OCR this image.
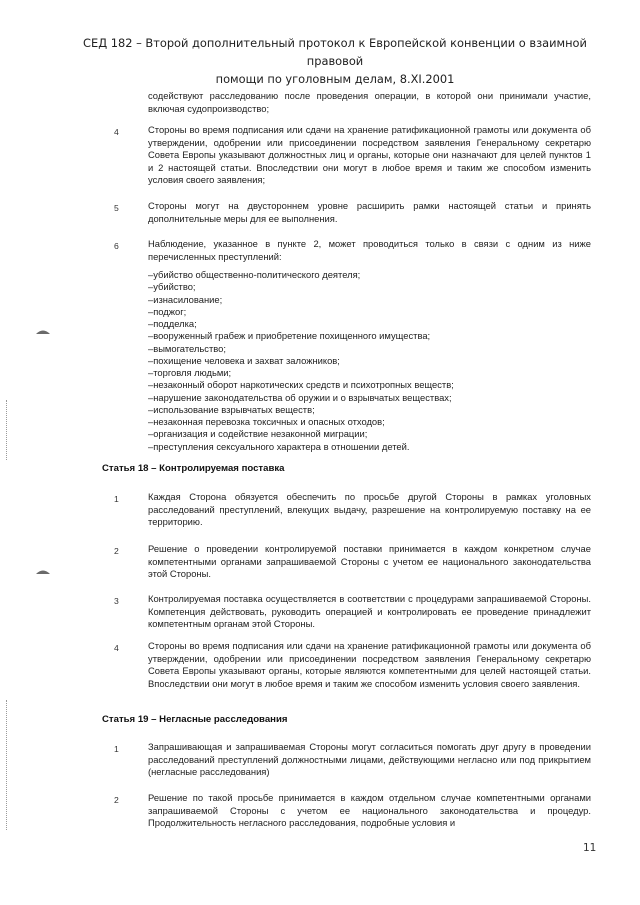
СЕД 182 – Второй дополнительный протокол к Европейской конвенции о взаимной правовой
помощи по уголовным делам, 8.XI.2001
содействуют расследованию после проведения операции, в которой они принимали участие, включая судопроизводство;
4	Стороны во время подписания или сдачи на хранение ратификационной грамоты или документа об утверждении, одобрении или присоединении посредством заявления Генеральному секретарю Совета Европы указывают должностных лиц и органы, которые они назначают для целей пунктов 1 и 2 настоящей статьи. Впоследствии они могут в любое время и таким же способом изменить условия своего заявления;
5	Стороны могут на двустороннем уровне расширить рамки настоящей статьи и принять дополнительные меры для ее выполнения.
6	Наблюдение, указанное в пункте 2, может проводиться только в связи с одним из ниже перечисленных преступлений:
–убийство общественно-политического деятеля;
–убийство;
–изнасилование;
–поджог;
–подделка;
–вооруженный грабеж и приобретение похищенного имущества;
–вымогательство;
–похищение человека и захват заложников;
–торговля людьми;
–незаконный оборот наркотических средств и психотропных веществ;
–нарушение законодательства об оружии и о взрывчатых веществах;
–использование взрывчатых веществ;
–незаконная перевозка токсичных и опасных отходов;
–организация и содействие незаконной миграции;
–преступления сексуального характера в отношении детей.
Статья 18 – Контролируемая поставка
1	Каждая Сторона обязуется обеспечить по просьбе другой Стороны в рамках уголовных расследований преступлений, влекущих выдачу, разрешение на контролируемую поставку на ее территорию.
2	Решение о проведении контролируемой поставки принимается в каждом конкретном случае компетентными органами запрашиваемой Стороны с учетом ее национального законодательства этой Стороны.
3	Контролируемая поставка осуществляется в соответствии с процедурами запрашиваемой Стороны. Компетенция действовать, руководить операцией и контролировать ее проведение принадлежит компетентным органам этой Стороны.
4	Стороны во время подписания или сдачи на хранение ратификационной грамоты или документа об утверждении, одобрении или присоединении посредством заявления Генеральному секретарю Совета Европы указывают органы, которые являются компетентными для целей настоящей статьи. Впоследствии они могут в любое время и таким же способом изменить условия своего заявления.
Статья 19 – Негласные расследования
1	Запрашивающая и запрашиваемая Стороны могут согласиться помогать друг другу в проведении расследований преступлений должностными лицами, действующими негласно или под прикрытием (негласные расследования)
2	Решение по такой просьбе принимается в каждом отдельном случае компетентными органами запрашиваемой Стороны с учетом ее национального законодательства и процедур. Продолжительность негласного расследования, подробные условия и
11
